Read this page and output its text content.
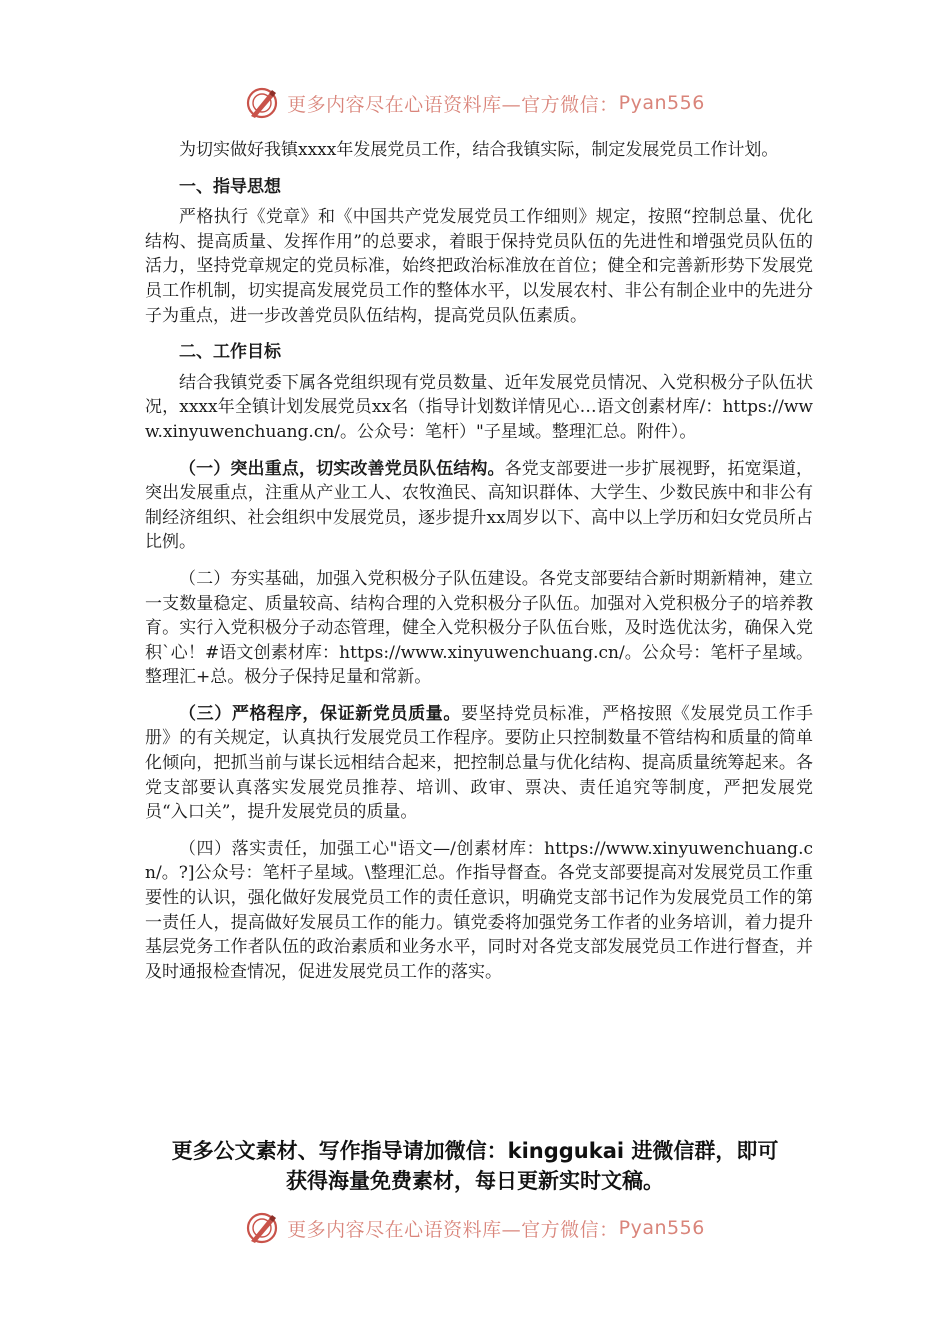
更多内容尽在心语资料库—官方微信： Pyan556

为切实做好我镇xxxx年发展党员工作，结合我镇实际，制定发展党员工作计划。

一、指导思想

严格执行《党章》和《中国共产党发展党员工作细则》规定，按照“控制总量、优化结构、提高质量、发挥作用”的总要求，着眼于保持党员队伍的先进性和增强党员队伍的活力，坚持党章规定的党员标准，始终把政治标准放在首位；健全和完善新形势下发展党员工作机制，切实提高发展党员工作的整体水平，以发展农村、非公有制企业中的先进分子为重点，进一步改善党员队伍结构，提高党员队伍素质。

二、工作目标

结合我镇党委下属各党组织现有党员数量、近年发展党员情况、入党积极分子队伍状况，xxxx年全镇计划发展党员xx名（指导计划数详情见心…语文创素材库/：https://www.xinyuwenchuang.cn/。公众号：笔杆）"子星域。整理汇总。附件）。

（一）突出重点，切实改善党员队伍结构。各党支部要进一步扩展视野，拓宽渠道，突出发展重点，注重从产业工人、农牧渔民、高知识群体、大学生、少数民族中和非公有制经济组织、社会组织中发展党员，逐步提升xx周岁以下、高中以上学历和妇女党员所占比例。

（二）夯实基础，加强入党积极分子队伍建设。各党支部要结合新时期新精神，建立一支数量稳定、质量较高、结构合理的入党积极分子队伍。加强对入党积极分子的培养教育。实行入党积极分子动态管理，健全入党积极分子队伍台账，及时选优汰劣，确保入党积`心！#语文创素材库：https://www.xinyuwenchuang.cn/。公众号：笔杆子星域。整理汇+总。极分子保持足量和常新。

（三）严格程序，保证新党员质量。要坚持党员标准，严格按照《发展党员工作手册》的有关规定，认真执行发展党员工作程序。要防止只控制数量不管结构和质量的简单化倾向，把抓当前与谋长远相结合起来，把控制总量与优化结构、提高质量统筹起来。各党支部要认真落实发展党员推荐、培训、政审、票决、责任追究等制度，严把发展党员“入口关”，提升发展党员的质量。

（四）落实责任，加强工心"语文—/创素材库：https://www.xinyuwenchuang.cn/。?]公众号：笔杆子星域。\整理汇总。作指导督查。各党支部要提高对发展党员工作重要性的认识，强化做好发展党员工作的责任意识，明确党支部书记作为发展党员工作的第一责任人，提高做好发展员工作的能力。镇党委将加强党务工作者的业务培训，着力提升基层党务工作者队伍的政治素质和业务水平，同时对各党支部发展党员工作进行督查，并及时通报检查情况，促进发展党员工作的落实。

更多公文素材、写作指导请加微信：kinggukai 进微信群，即可
获得海量免费素材，每日更新实时文稿。
更多内容尽在心语资料库—官方微信： Pyan556
